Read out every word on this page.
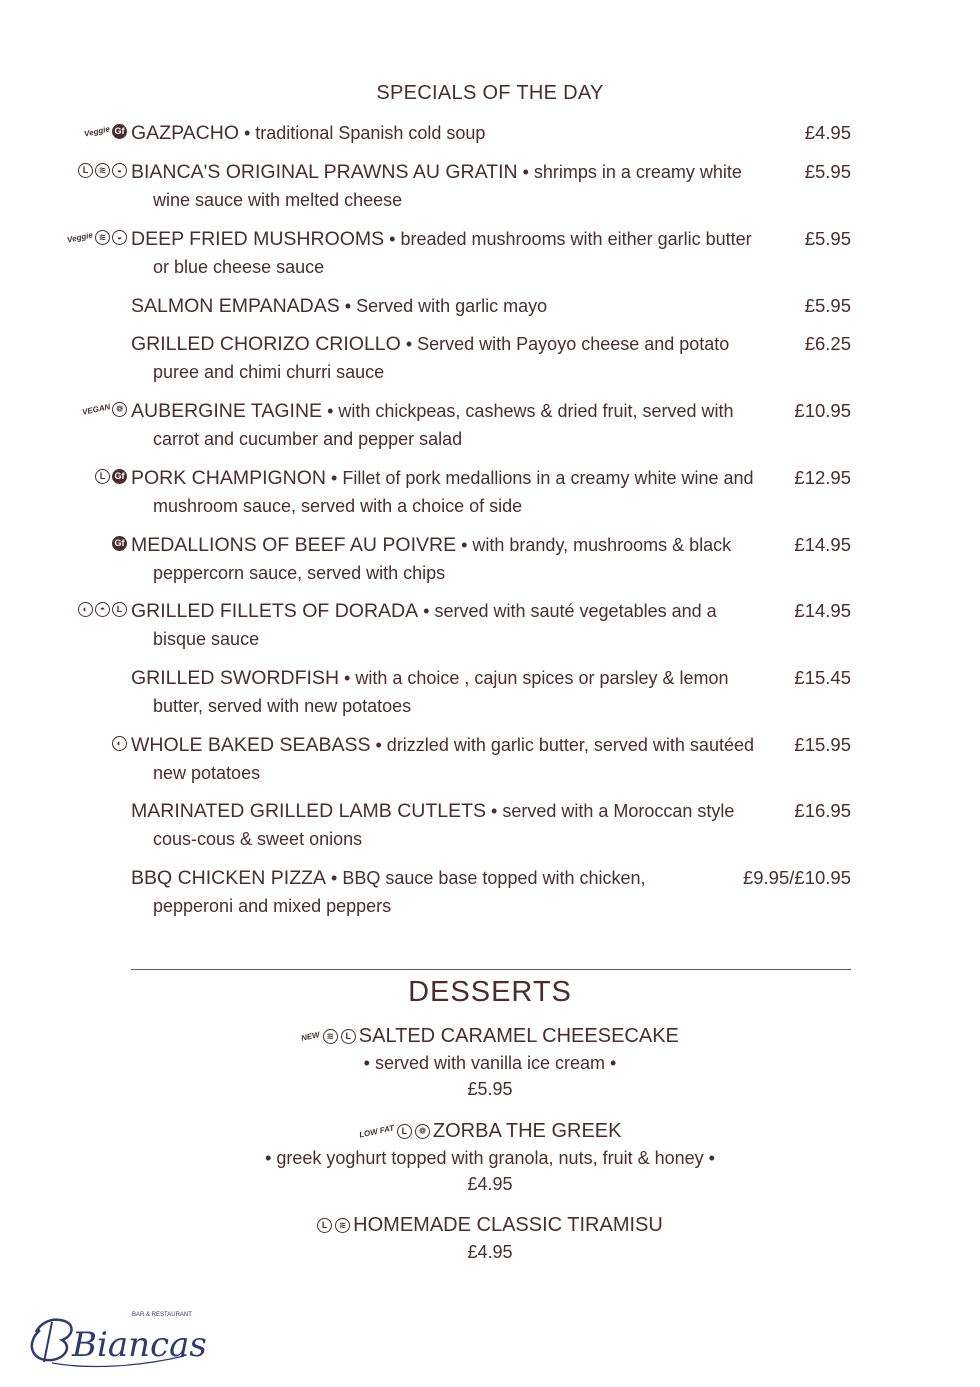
SPECIALS OF THE DAY
Veggie Gf GAZPACHO • traditional Spanish cold soup	£4.95
L	≋	◒ BIANCA'S ORIGINAL PRAWNS AU GRATIN • shrimps in a creamy white
wine sauce with melted cheese
£5.95
Veggie ≋	◒ DEEP FRIED MUSHROOMS • breaded mushrooms with either garlic butter
or blue cheese sauce
£5.95
SALMON EMPANADAS • Served with garlic mayo	£5.95
GRILLED CHORIZO CRIOLLO • Served with Payoyo cheese and potato
puree and chimi churri sauce
£6.25
VEGAN ❁ AUBERGINE TAGINE • with chickpeas, cashews & dried fruit, served with
carrot and cucumber and pepper salad
£10.95
L	Gf PORK CHAMPIGNON • Fillet of pork medallions in a creamy white wine and
mushroom sauce, served with a choice of side
£12.95
Gf MEDALLIONS OF BEEF AU POIVRE • with brandy, mushrooms & black
peppercorn sauce, served with chips
£14.95
◐	◓	L GRILLED FILLETS OF DORADA • served with sauté vegetables and a
bisque sauce
£14.95
GRILLED SWORDFISH • with a choice , cajun spices or parsley & lemon
butter, served with new potatoes
£15.45
◐ WHOLE BAKED SEABASS • drizzled with garlic butter, served with sautéed
new potatoes
£15.95
MARINATED GRILLED LAMB CUTLETS • served with a Moroccan style
cous-cous & sweet onions
£16.95
BBQ CHICKEN PIZZA • BBQ sauce base topped with chicken,
pepperoni and mixed peppers
£9.95/£10.95
DESSERTS
NEW ≋	L SALTED CARAMEL CHEESECAKE
• served with vanilla ice cream •
£5.95
LOW FAT L	❁ ZORBA THE GREEK
• greek yoghurt topped with granola, nuts, fruit & honey •
£4.95
L	≋ HOMEMADE CLASSIC TIRAMISU
£4.95
Biancas
BAR & RESTAURANT
